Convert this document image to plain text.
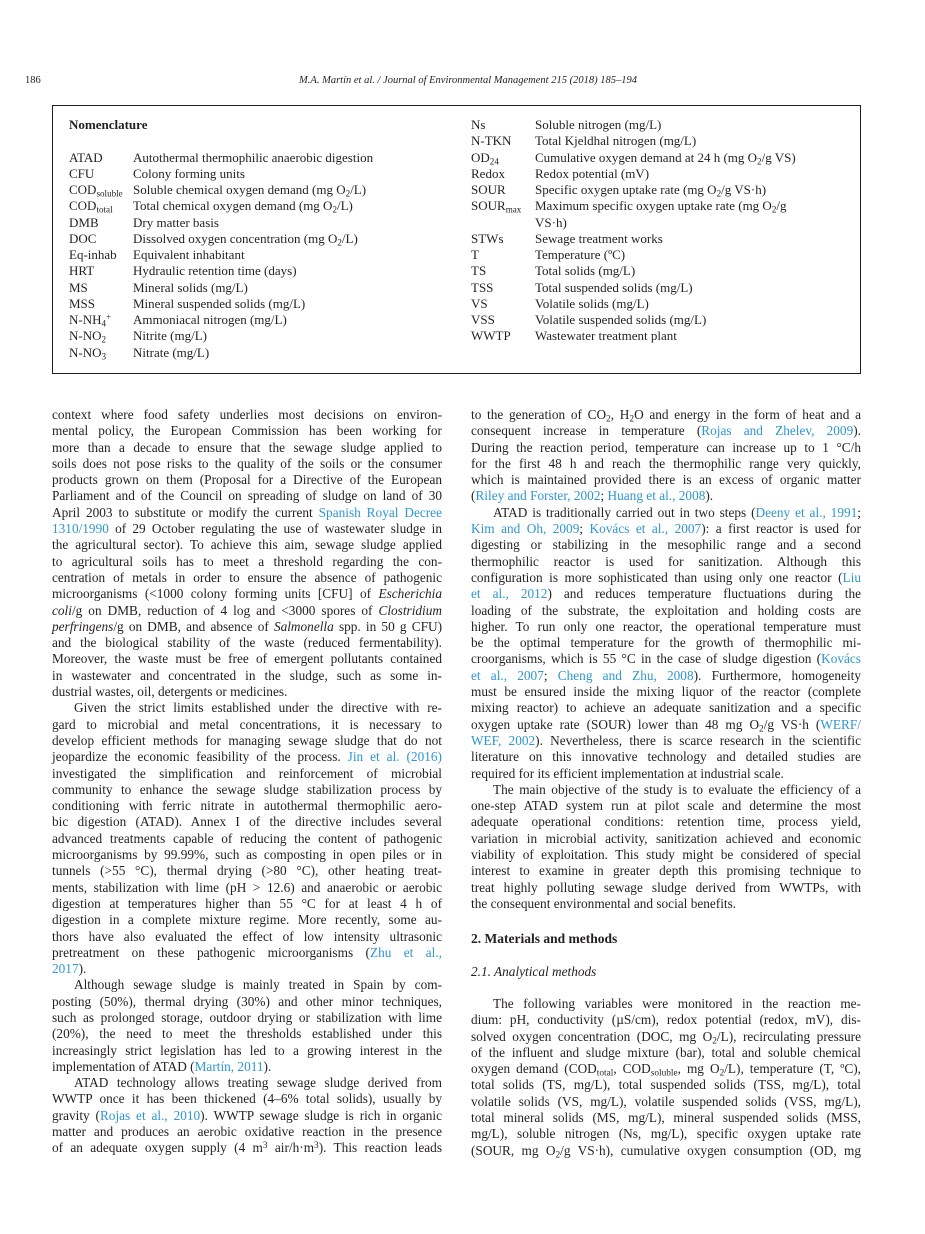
186	M.A. Martín et al. / Journal of Environmental Management 215 (2018) 185–194
Nomenclature
ATAD	Autothermal thermophilic anaerobic digestion
CFU	Colony forming units
$COD_{soluble}$ Soluble chemical oxygen demand (mg $O_2/L$)
$COD_{total}$	Total chemical oxygen demand (mg $O_2/L$)
DMB	Dry matter basis
DOC	Dissolved oxygen concentration (mg $O_2/L$)
Eq-inhab	Equivalent inhabitant
HRT	Hydraulic retention time (days)
MS	Mineral solids (mg/L)
MSS	Mineral suspended solids (mg/L)
$N-NH_4^+$	Ammoniacal nitrogen (mg/L)
$N-NO_2$	Nitrite (mg/L)
$N-NO_3$	Nitrate (mg/L)
Ns	Soluble nitrogen (mg/L)
N-TKN	Total Kjeldhal nitrogen (mg/L)
$OD_{24}$	Cumulative oxygen demand at 24 h (mg $O_2/g$ VS)
Redox	Redox potential (mV)
SOUR	Specific oxygen uptake rate (mg $O_2/g$ VS·h)
$SOUR_{max}$	Maximum specific oxygen uptake rate (mg $O_2/g$ VS·h)
STWs	Sewage treatment works
T	Temperature (ºC)
TS	Total solids (mg/L)
TSS	Total suspended solids (mg/L)
VS	Volatile solids (mg/L)
VSS	Volatile suspended solids (mg/L)
WWTP	Wastewater treatment plant
context where food safety underlies most decisions on environ-
mental policy, the European Commission has been working for
more than a decade to ensure that the sewage sludge applied to
soils does not pose risks to the quality of the soils or the consumer
products grown on them (Proposal for a Directive of the European
Parliament and of the Council on spreading of sludge on land of 30
April 2003 to substitute or modify the current Spanish Royal Decree
1310/1990 of 29 October regulating the use of wastewater sludge in
the agricultural sector). To achieve this aim, sewage sludge applied
to agricultural soils has to meet a threshold regarding the con-
centration of metals in order to ensure the absence of pathogenic
microorganisms (<1000 colony forming units [CFU] of Escherichia
coli/g on DMB, reduction of 4 log and <3000 spores of Clostridium
perfringens/g on DMB, and absence of Salmonella spp. in 50 g CFU)
and the biological stability of the waste (reduced fermentability).
Moreover, the waste must be free of emergent pollutants contained
in wastewater and concentrated in the sludge, such as some in-
dustrial wastes, oil, detergents or medicines.
Given the strict limits established under the directive with re-
gard to microbial and metal concentrations, it is necessary to
develop efficient methods for managing sewage sludge that do not
jeopardize the economic feasibility of the process. Jin et al. (2016)
investigated the simplification and reinforcement of microbial
community to enhance the sewage sludge stabilization process by
conditioning with ferric nitrate in autothermal thermophilic aero-
bic digestion (ATAD). Annex I of the directive includes several
advanced treatments capable of reducing the content of pathogenic
microorganisms by 99.99%, such as composting in open piles or in
tunnels (>55 °C), thermal drying (>80 °C), other heating treat-
ments, stabilization with lime (pH > 12.6) and anaerobic or aerobic
digestion at temperatures higher than 55 °C for at least 4 h of
digestion in a complete mixture regime. More recently, some au-
thors have also evaluated the effect of low intensity ultrasonic
pretreatment on these pathogenic microorganisms (Zhu et al.,
2017).
Although sewage sludge is mainly treated in Spain by com-
posting (50%), thermal drying (30%) and other minor techniques,
such as prolonged storage, outdoor drying or stabilization with lime
(20%), the need to meet the thresholds established under this
increasingly strict legislation has led to a growing interest in the
implementation of ATAD (Martín, 2011).
ATAD technology allows treating sewage sludge derived from
WWTP once it has been thickened (4–6% total solids), usually by
gravity (Rojas et al., 2010). WWTP sewage sludge is rich in organic
matter and produces an aerobic oxidative reaction in the presence
of an adequate oxygen supply (4 $m^3$ air/$h\cdot m^3$). This reaction leads
to the generation of $CO_2$, $H_2O$ and energy in the form of heat and a
consequent increase in temperature (Rojas and Zhelev, 2009).
During the reaction period, temperature can increase up to 1 °C/h
for the first 48 h and reach the thermophilic range very quickly,
which is maintained provided there is an excess of organic matter
(Riley and Forster, 2002; Huang et al., 2008).
ATAD is traditionally carried out in two steps (Deeny et al., 1991;
Kim and Oh, 2009; Kovács et al., 2007): a first reactor is used for
digesting or stabilizing in the mesophilic range and a second
thermophilic reactor is used for sanitization. Although this
configuration is more sophisticated than using only one reactor (Liu
et al., 2012) and reduces temperature fluctuations during the
loading of the substrate, the exploitation and holding costs are
higher. To run only one reactor, the operational temperature must
be the optimal temperature for the growth of thermophilic mi-
croorganisms, which is 55 °C in the case of sludge digestion (Kovács
et al., 2007; Cheng and Zhu, 2008). Furthermore, homogeneity
must be ensured inside the mixing liquor of the reactor (complete
mixing reactor) to achieve an adequate sanitization and a specific
oxygen uptake rate (SOUR) lower than 48 mg $O_2/g$ VS·h (WERF/
WEF, 2002). Nevertheless, there is scarce research in the scientific
literature on this innovative technology and detailed studies are
required for its efficient implementation at industrial scale.
The main objective of the study is to evaluate the efficiency of a
one-step ATAD system run at pilot scale and determine the most
adequate operational conditions: retention time, process yield,
variation in microbial activity, sanitization achieved and economic
viability of exploitation. This study might be considered of special
interest to examine in greater depth this promising technique to
treat highly polluting sewage sludge derived from WWTPs, with
the consequent environmental and social benefits.
2. Materials and methods
2.1. Analytical methods
The following variables were monitored in the reaction me-
dium: pH, conductivity (µS/cm), redox potential (redox, mV), dis-
solved oxygen concentration (DOC, mg $O_2/L$), recirculating pressure
of the influent and sludge mixture (bar), total and soluble chemical
oxygen demand ($COD_{total}$, $COD_{soluble}$, mg $O_2/L$), temperature (T, ºC),
total solids (TS, mg/L), total suspended solids (TSS, mg/L), total
volatile solids (VS, mg/L), volatile suspended solids (VSS, mg/L),
total mineral solids (MS, mg/L), mineral suspended solids (MSS,
mg/L), soluble nitrogen (Ns, mg/L), specific oxygen uptake rate
(SOUR, mg $O_2/g$ VS·h), cumulative oxygen consumption (OD, mg
